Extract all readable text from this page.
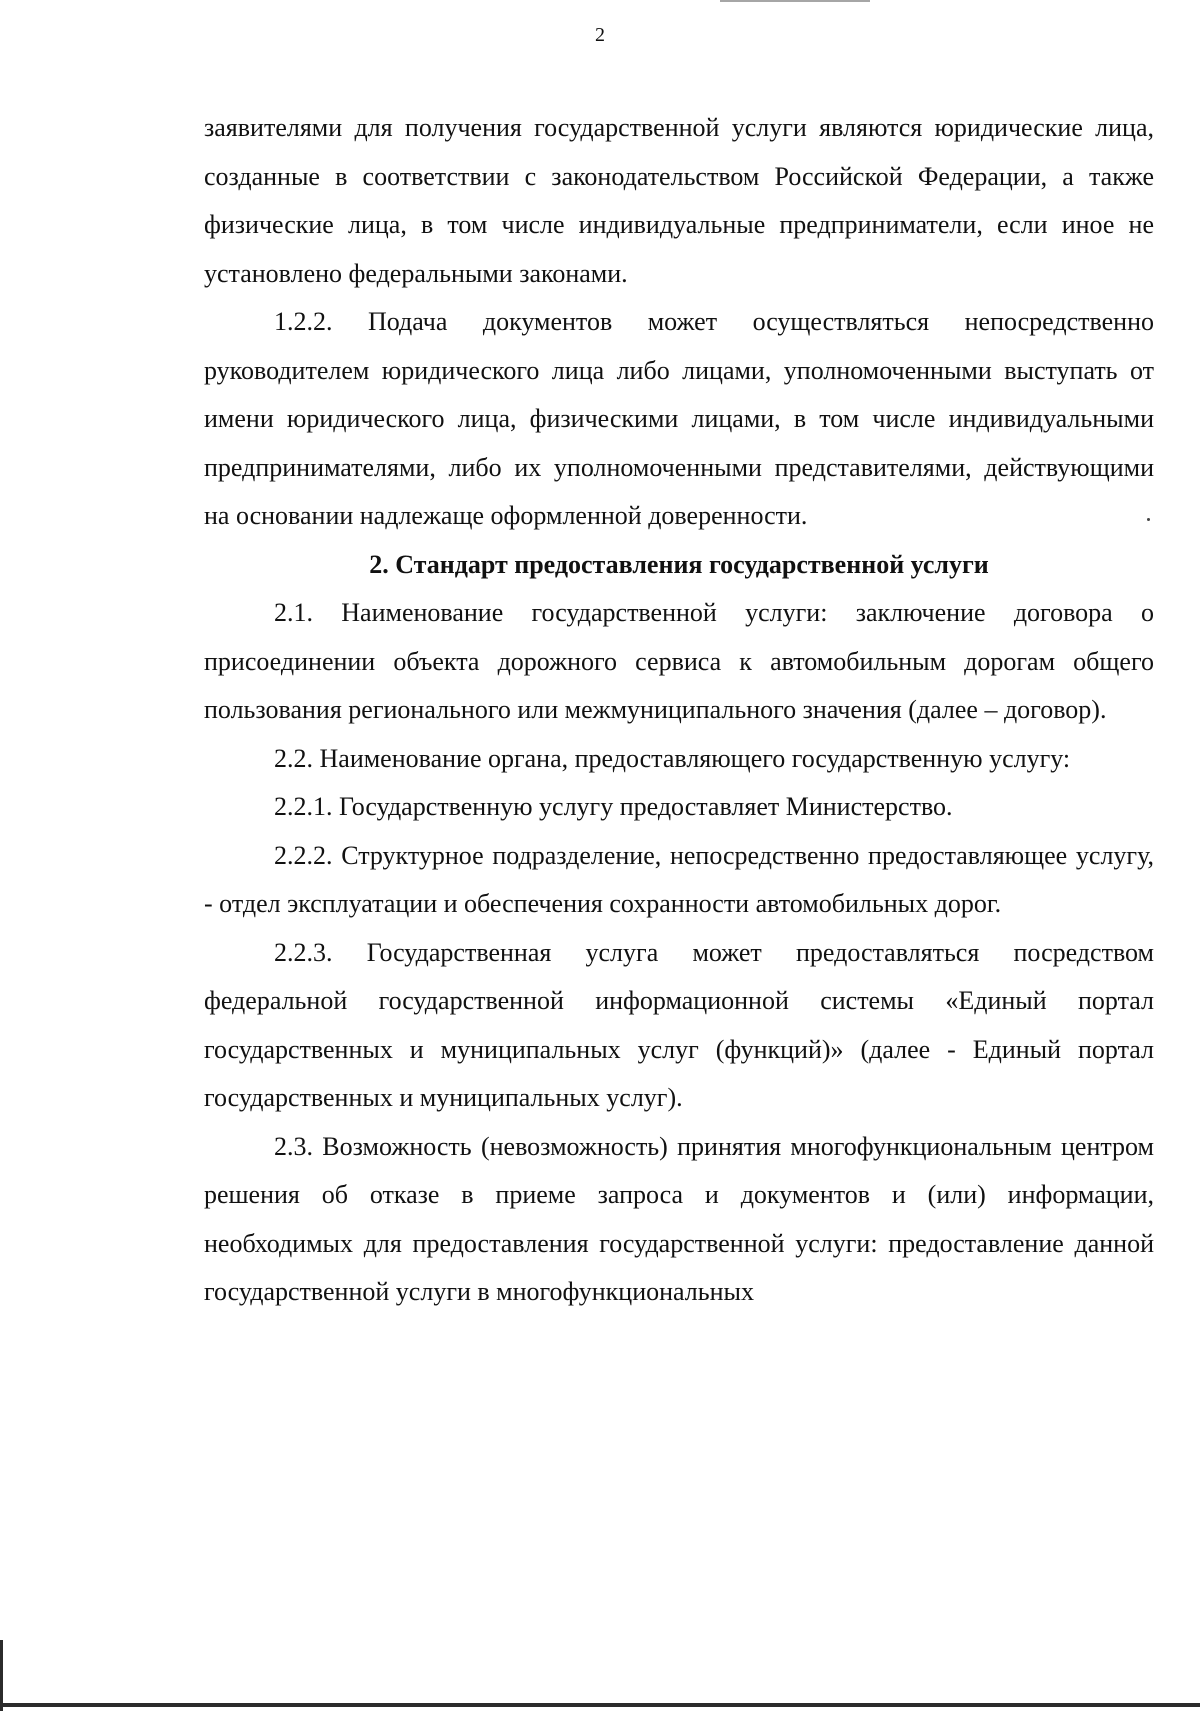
2

заявителями для получения государственной услуги являются юридические лица, созданные в соответствии с законодательством Российской Федерации, а также физические лица, в том числе индивидуальные предприниматели, если иное не установлено федеральными законами.

1.2.2. Подача документов может осуществляться непосредственно руководителем юридического лица либо лицами, уполномоченными выступать от имени юридического лица, физическими лицами, в том числе индивидуальными предпринимателями, либо их уполномоченными представителями, действующими на основании надлежаще оформленной доверенности.

2. Стандарт предоставления государственной услуги

2.1. Наименование государственной услуги: заключение договора о присоединении объекта дорожного сервиса к автомобильным дорогам общего пользования регионального или межмуниципального значения (далее – договор).

2.2. Наименование органа, предоставляющего государственную услугу:

2.2.1. Государственную услугу предоставляет Министерство.

2.2.2. Структурное подразделение, непосредственно предоставляющее услугу, - отдел эксплуатации и обеспечения сохранности автомобильных дорог.

2.2.3. Государственная услуга может предоставляться посредством федеральной государственной информационной системы «Единый портал государственных и муниципальных услуг (функций)» (далее - Единый портал государственных и муниципальных услуг).

2.3. Возможность (невозможность) принятия многофункциональным центром решения об отказе в приеме запроса и документов и (или) информации, необходимых для предоставления государственной услуги: предоставление данной государственной услуги в многофункциональных
